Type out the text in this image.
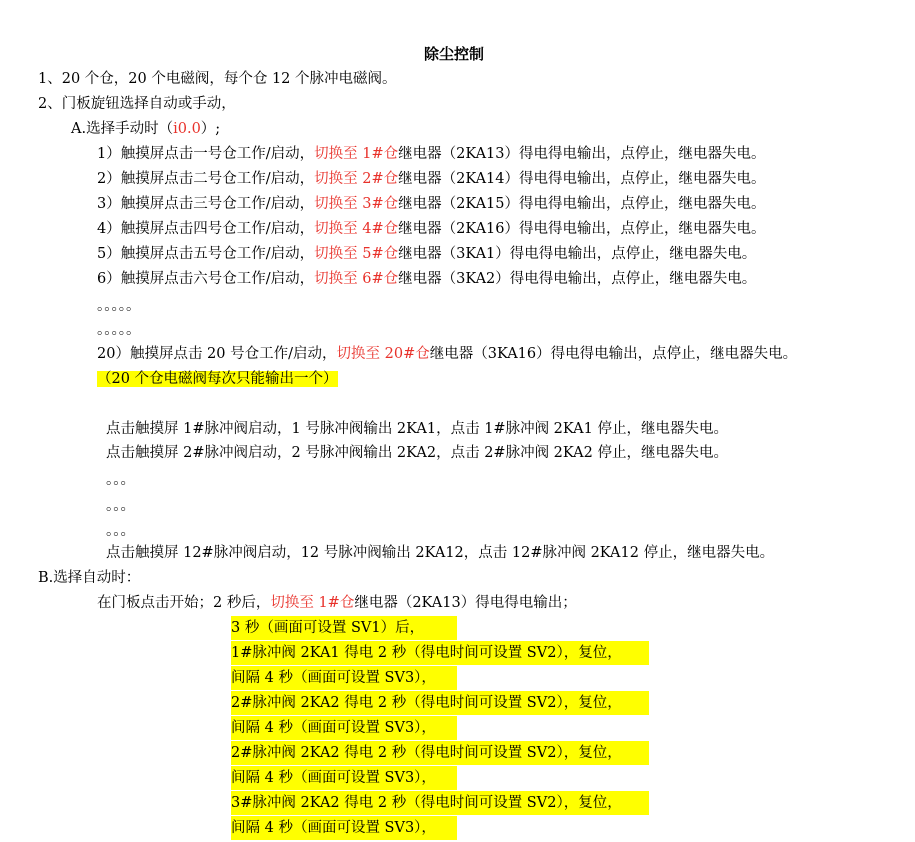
除尘控制
1、20 个仓，20 个电磁阀，每个仓 12 个脉冲电磁阀。
2、门板旋钮选择自动或手动，
A.选择手动时（i0.0）;
1）触摸屏点击一号仓工作/启动，切换至 1#仓继电器（2KA13）得电得电输出，点停止，继电器失电。
2）触摸屏点击二号仓工作/启动，切换至 2#仓继电器（2KA14）得电得电输出，点停止，继电器失电。
3）触摸屏点击三号仓工作/启动，切换至 3#仓继电器（2KA15）得电得电输出，点停止，继电器失电。
4）触摸屏点击四号仓工作/启动，切换至 4#仓继电器（2KA16）得电得电输出，点停止，继电器失电。
5）触摸屏点击五号仓工作/启动，切换至 5#仓继电器（3KA1）得电得电输出，点停止，继电器失电。
6）触摸屏点击六号仓工作/启动，切换至 6#仓继电器（3KA2）得电得电输出，点停止，继电器失电。
。。。。。
。。。。。
20）触摸屏点击 20 号仓工作/启动，切换至 20#仓继电器（3KA16）得电得电输出，点停止，继电器失电。
（20 个仓电磁阀每次只能输出一个）
点击触摸屏 1#脉冲阀启动，1 号脉冲阀输出 2KA1，点击 1#脉冲阀 2KA1 停止，继电器失电。
点击触摸屏 2#脉冲阀启动，2 号脉冲阀输出 2KA2，点击 2#脉冲阀 2KA2 停止，继电器失电。
。。。
。。。
。。。
点击触摸屏 12#脉冲阀启动，12 号脉冲阀输出 2KA12，点击 12#脉冲阀 2KA12 停止，继电器失电。
B.选择自动时：
在门板点击开始；2 秒后，切换至 1#仓继电器（2KA13）得电得电输出；
3 秒（画面可设置 SV1）后，
1#脉冲阀 2KA1 得电 2 秒（得电时间可设置 SV2），复位，
间隔 4 秒（画面可设置 SV3），
2#脉冲阀 2KA2 得电 2 秒（得电时间可设置 SV2），复位，
间隔 4 秒（画面可设置 SV3），
2#脉冲阀 2KA2 得电 2 秒（得电时间可设置 SV2），复位，
间隔 4 秒（画面可设置 SV3），
3#脉冲阀 2KA2 得电 2 秒（得电时间可设置 SV2），复位，
间隔 4 秒（画面可设置 SV3），
